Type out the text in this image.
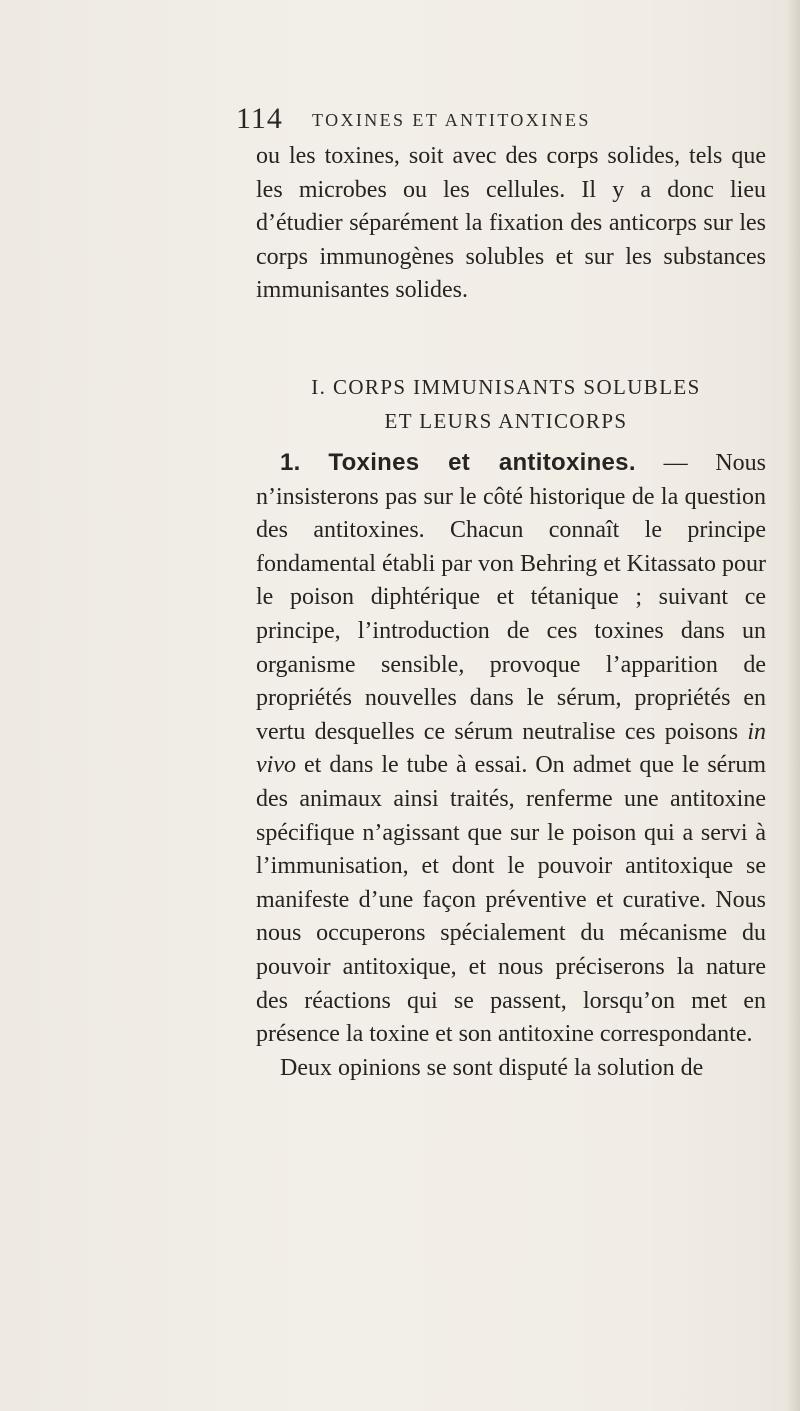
114 TOXINES ET ANTITOXINES

ou les toxines, soit avec des corps solides, tels que les microbes ou les cellules. Il y a donc lieu d’étudier séparément la fixation des anticorps sur les corps immunogènes solubles et sur les substances immunisantes solides.

I. CORPS IMMUNISANTS SOLUBLES
ET LEURS ANTICORPS

1. Toxines et antitoxines. — Nous n’insisterons pas sur le côté historique de la question des antitoxines. Chacun connaît le principe fondamental établi par von Behring et Kitassato pour le poison diphtérique et tétanique ; suivant ce principe, l’introduction de ces toxines dans un organisme sensible, provoque l’apparition de propriétés nouvelles dans le sérum, propriétés en vertu desquelles ce sérum neutralise ces poisons in vivo et dans le tube à essai. On admet que le sérum des animaux ainsi traités, renferme une antitoxine spécifique n’agissant que sur le poison qui a servi à l’immunisation, et dont le pouvoir antitoxique se manifeste d’une façon préventive et curative. Nous nous occuperons spécialement du mécanisme du pouvoir antitoxique, et nous préciserons la nature des réactions qui se passent, lorsqu’on met en présence la toxine et son antitoxine correspondante.

Deux opinions se sont disputé la solution de
